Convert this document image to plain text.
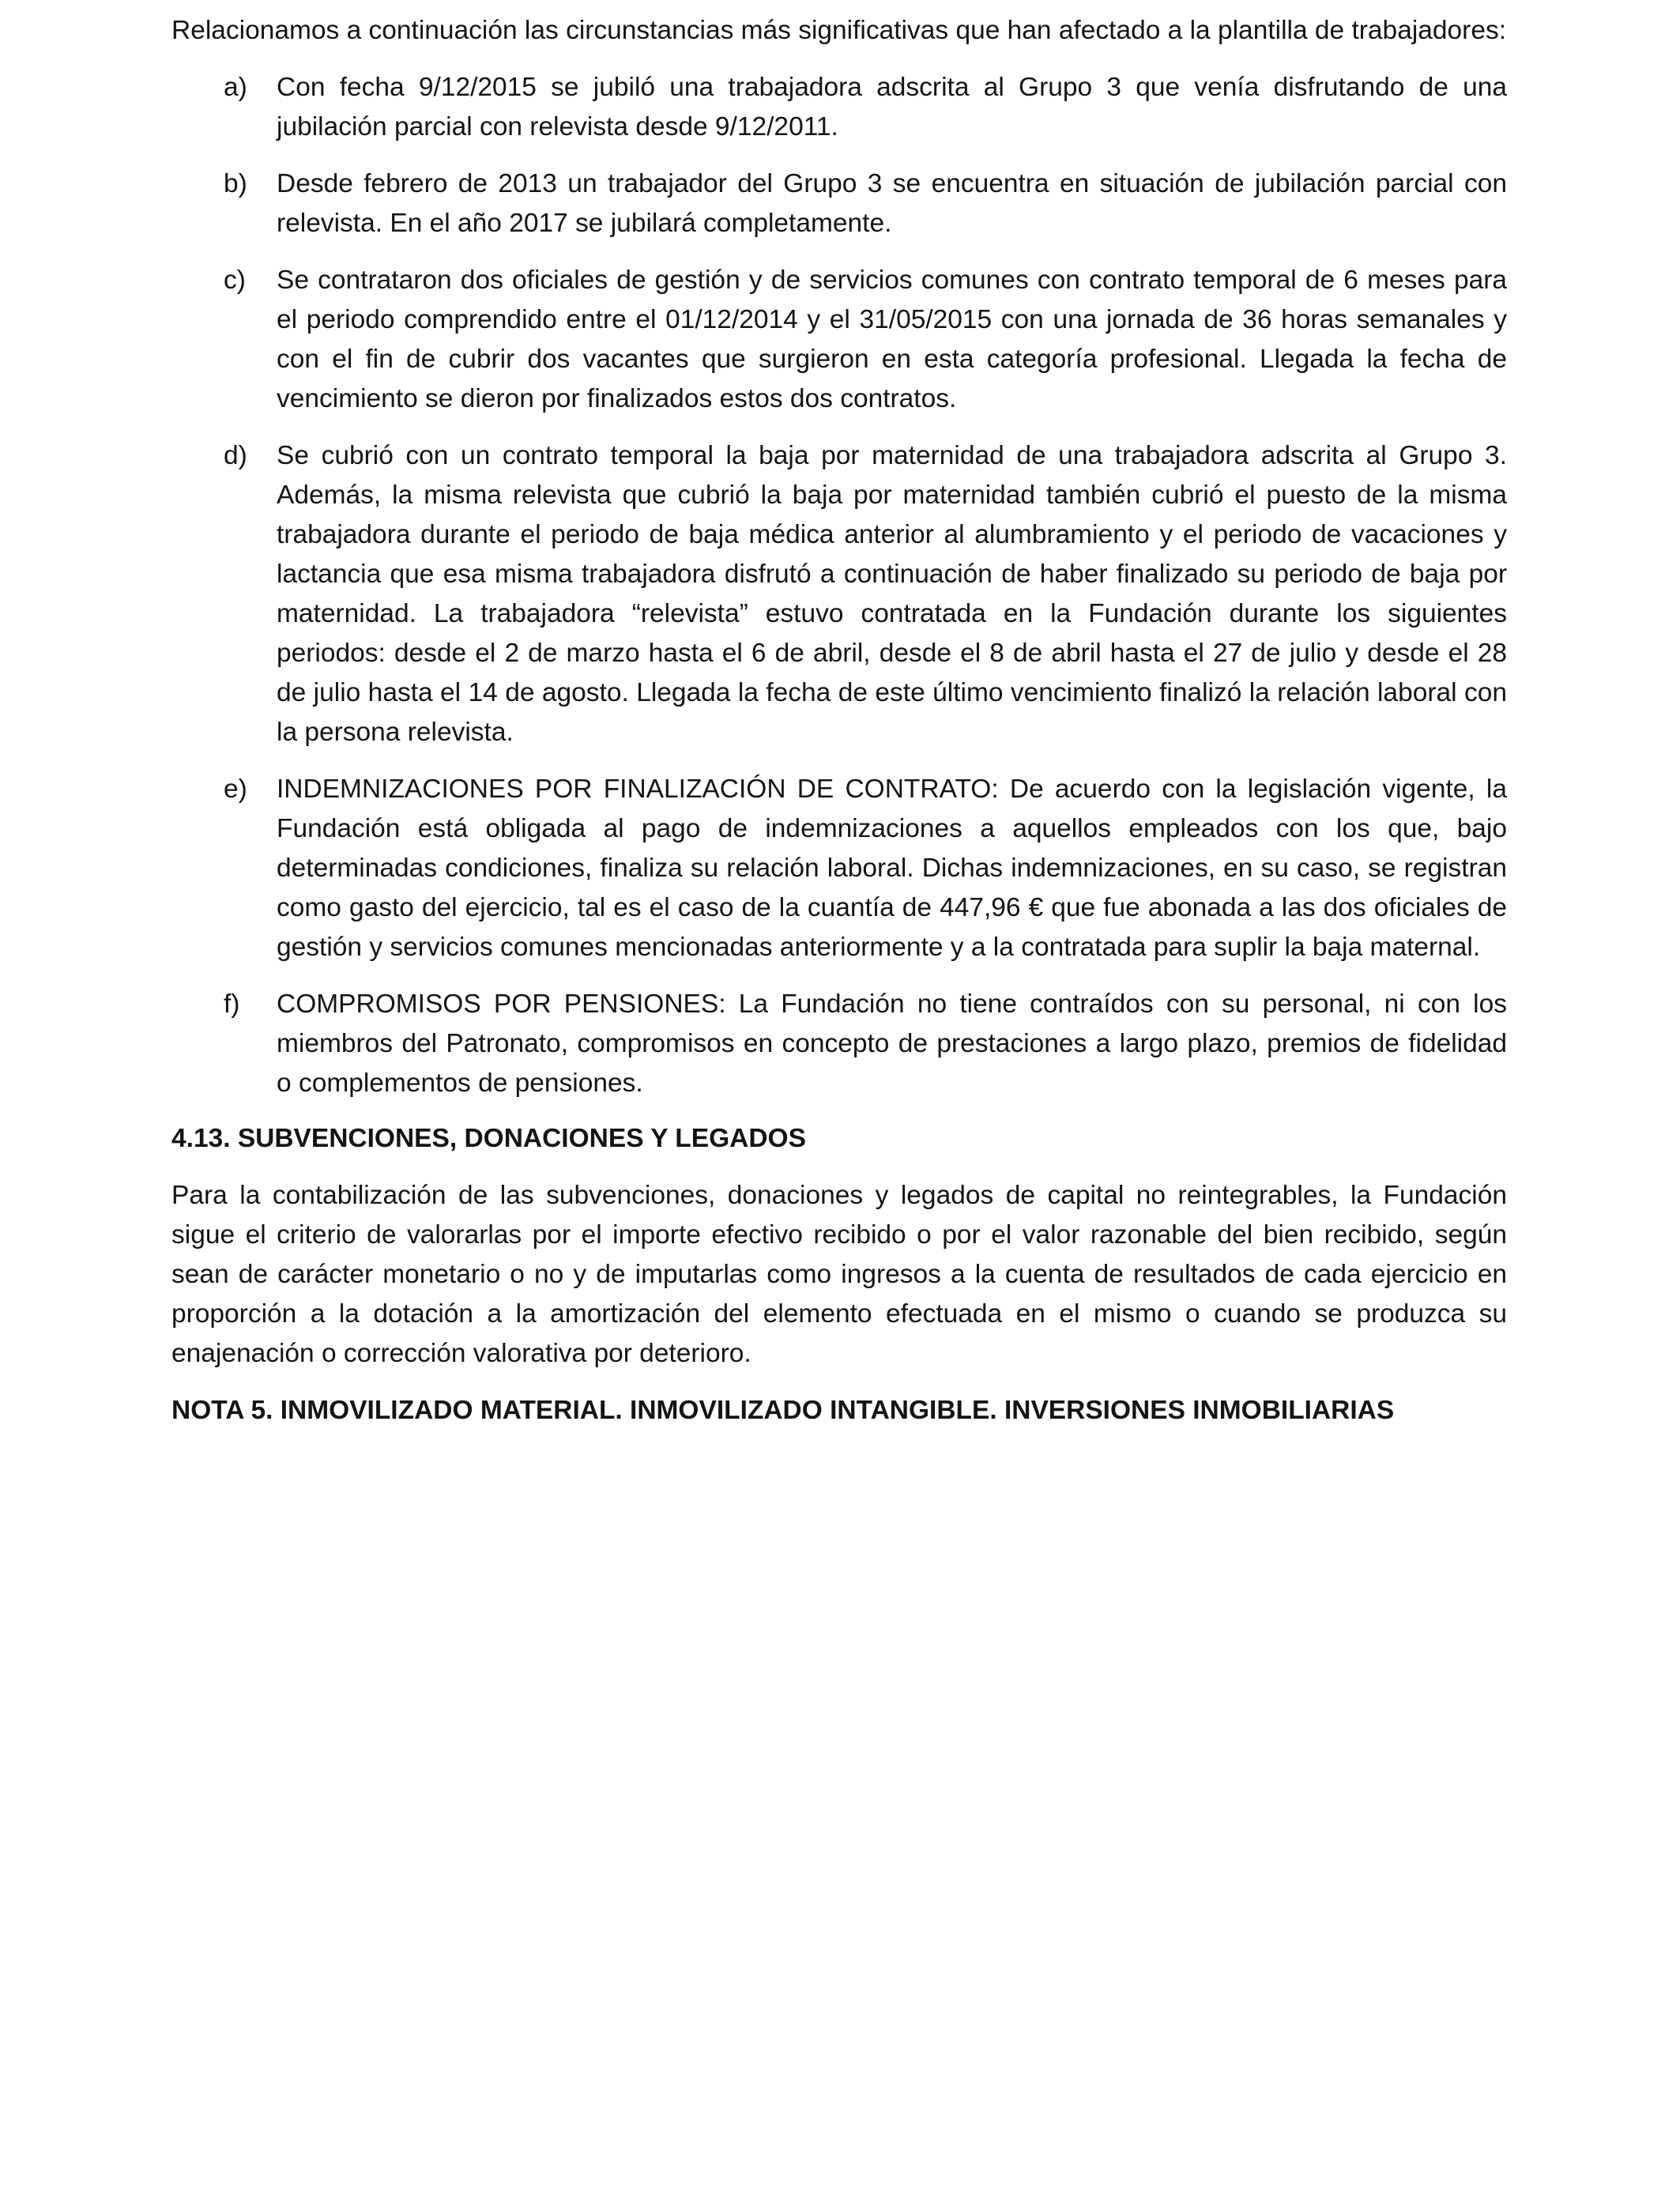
Relacionamos a continuación las circunstancias más significativas que han afectado a la plantilla de trabajadores:

a) Con fecha 9/12/2015 se jubiló una trabajadora adscrita al Grupo 3 que venía disfrutando de una jubilación parcial con relevista desde 9/12/2011.
b) Desde febrero de 2013 un trabajador del Grupo 3 se encuentra en situación de jubilación parcial con relevista. En el año 2017 se jubilará completamente.
c) Se contrataron dos oficiales de gestión y de servicios comunes con contrato temporal de 6 meses para el periodo comprendido entre el 01/12/2014 y el 31/05/2015 con una jornada de 36 horas semanales y con el fin de cubrir dos vacantes que surgieron en esta categoría profesional. Llegada la fecha de vencimiento se dieron por finalizados estos dos contratos.
d) Se cubrió con un contrato temporal la baja por maternidad de una trabajadora adscrita al Grupo 3. Además, la misma relevista que cubrió la baja por maternidad también cubrió el puesto de la misma trabajadora durante el periodo de baja médica anterior al alumbramiento y el periodo de vacaciones y lactancia que esa misma trabajadora disfrutó a continuación de haber finalizado su periodo de baja por maternidad. La trabajadora “relevista” estuvo contratada en la Fundación durante los siguientes periodos: desde el 2 de marzo hasta el 6 de abril, desde el 8 de abril hasta el 27 de julio y desde el 28 de julio hasta el 14 de agosto. Llegada la fecha de este último vencimiento finalizó la relación laboral con la persona relevista.
e) INDEMNIZACIONES POR FINALIZACIÓN DE CONTRATO: De acuerdo con la legislación vigente, la Fundación está obligada al pago de indemnizaciones a aquellos empleados con los que, bajo determinadas condiciones, finaliza su relación laboral. Dichas indemnizaciones, en su caso, se registran como gasto del ejercicio, tal es el caso de la cuantía de 447,96 € que fue abonada a las dos oficiales de gestión y servicios comunes mencionadas anteriormente y a la contratada para suplir la baja maternal.
f) COMPROMISOS POR PENSIONES: La Fundación no tiene contraídos con su personal, ni con los miembros del Patronato, compromisos en concepto de prestaciones a largo plazo, premios de fidelidad o complementos de pensiones.
4.13. SUBVENCIONES, DONACIONES Y LEGADOS

Para la contabilización de las subvenciones, donaciones y legados de capital no reintegrables, la Fundación sigue el criterio de valorarlas por el importe efectivo recibido o por el valor razonable del bien recibido, según sean de carácter monetario o no y de imputarlas como ingresos a la cuenta de resultados de cada ejercicio en proporción a la dotación a la amortización del elemento efectuada en el mismo o cuando se produzca su enajenación o corrección valorativa por deterioro.

NOTA 5. INMOVILIZADO MATERIAL. INMOVILIZADO INTANGIBLE. INVERSIONES INMOBILIARIAS
